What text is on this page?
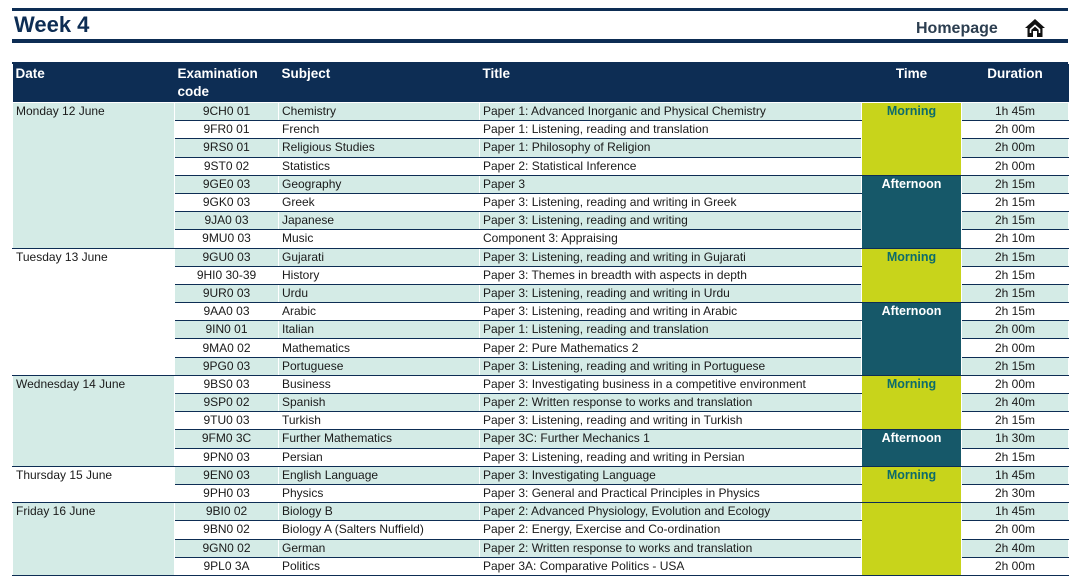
Week 4	Homepage
Date	Examination code	Subject	Title	Time	Duration
Monday 12 June	9CH0 01	Chemistry	Paper 1: Advanced Inorganic and Physical Chemistry	Morning	1h 45m
	9FR0 01	French	Paper 1: Listening, reading and translation		2h 00m
	9RS0 01	Religious Studies	Paper 1: Philosophy of Religion		2h 00m
	9ST0 02	Statistics	Paper 2: Statistical Inference		2h 00m
	9GE0 03	Geography	Paper 3	Afternoon	2h 15m
	9GK0 03	Greek	Paper 3: Listening, reading and writing in Greek		2h 15m
	9JA0 03	Japanese	Paper 3: Listening, reading and writing		2h 15m
	9MU0 03	Music	Component 3: Appraising		2h 10m
Tuesday 13 June	9GU0 03	Gujarati	Paper 3: Listening, reading and writing in Gujarati	Morning	2h 15m
	9HI0 30-39	History	Paper 3: Themes in breadth with aspects in depth		2h 15m
	9UR0 03	Urdu	Paper 3: Listening, reading and writing in Urdu		2h 15m
	9AA0 03	Arabic	Paper 3: Listening, reading and writing in Arabic	Afternoon	2h 15m
	9IN0 01	Italian	Paper 1: Listening, reading and translation		2h 00m
	9MA0 02	Mathematics	Paper 2: Pure Mathematics 2		2h 00m
	9PG0 03	Portuguese	Paper 3: Listening, reading and writing in Portuguese		2h 15m
Wednesday 14 June	9BS0 03	Business	Paper 3: Investigating business in a competitive environment	Morning	2h 00m
	9SP0 02	Spanish	Paper 2: Written response to works and translation		2h 40m
	9TU0 03	Turkish	Paper 3: Listening, reading and writing in Turkish		2h 15m
	9FM0 3C	Further Mathematics	Paper 3C: Further Mechanics 1	Afternoon	1h 30m
	9PN0 03	Persian	Paper 3: Listening, reading and writing in Persian		2h 15m
Thursday 15 June	9EN0 03	English Language	Paper 3: Investigating Language	Morning	1h 45m
	9PH0 03	Physics	Paper 3: General and Practical Principles in Physics		2h 30m
Friday 16 June	9BI0 02	Biology B	Paper 2: Advanced Physiology, Evolution and Ecology		1h 45m
	9BN0 02	Biology A (Salters Nuffield)	Paper 2: Energy, Exercise and Co-ordination		2h 00m
	9GN0 02	German	Paper 2: Written response to works and translation		2h 40m
	9PL0 3A	Politics	Paper 3A: Comparative Politics - USA		2h 00m
